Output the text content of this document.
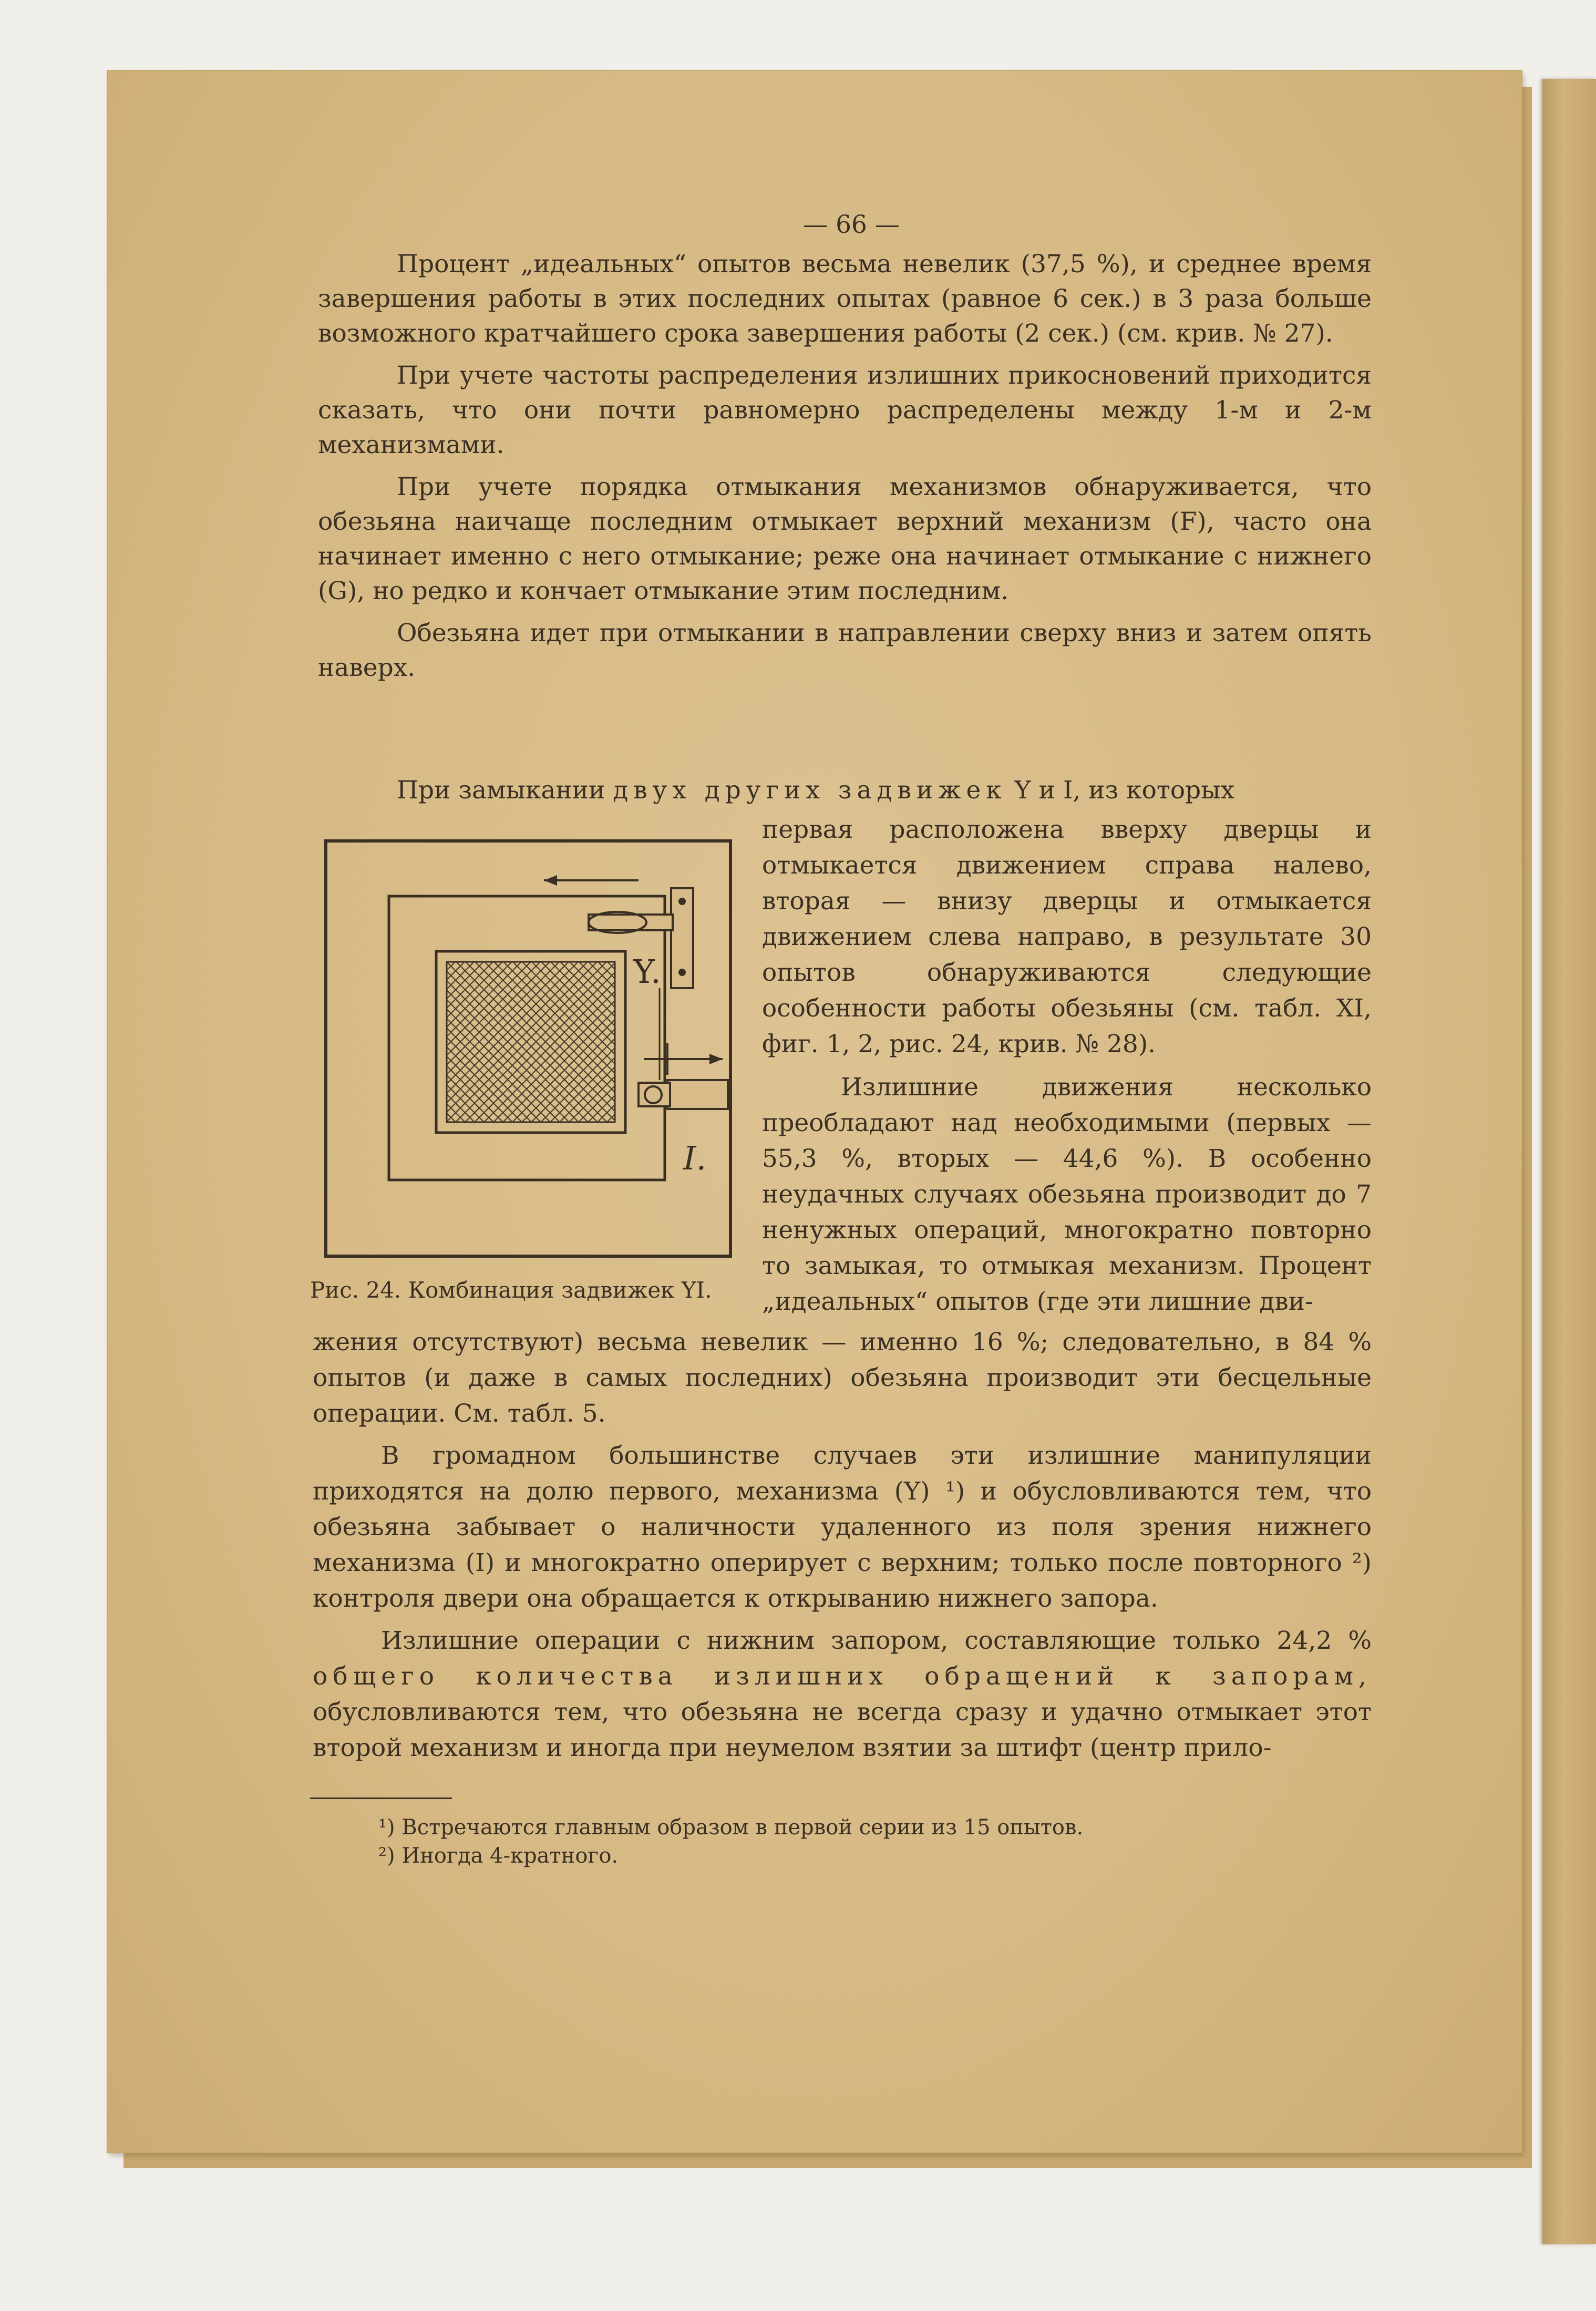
— 66 —

Процент „идеальных“ опытов весьма невелик (37,5 %), и среднее время завершения работы в этих последних опытах (равное 6 сек.) в 3 раза больше возможного кратчайшего срока завершения работы (2 сек.) (см. крив. № 27).

При учете частоты распределения излишних прикосновений приходится сказать, что они почти равномерно распределены между 1-м и 2-м механизмами.

При учете порядка отмыкания механизмов обнаруживается, что обезьяна наичаще последним отмыкает верхний механизм (F), часто она начинает именно с него отмыкание; реже она начинает отмыкание с нижнего (G), но редко и кончает отмыкание этим последним.

Обезьяна идет при отмыкании в направлении сверху вниз и затем опять наверх.

При замыкании двух других задвижек Y и I, из которых
Y.
I.
Рис. 24. Комбинация задвижек YI.

первая расположена вверху дверцы и отмыкается движением справа налево, вторая — внизу дверцы и отмыкается движением слева направо, в результате 30 опытов обнаруживаются следующие особенности работы обезьяны (см. табл. XI, фиг. 1, 2, рис. 24, крив. № 28).

Излишние движения несколько преобладают над необходимыми (первых — 55,3 %, вторых — 44,6 %). В особенно неудачных случаях обезьяна производит до 7 ненужных операций, многократно повторно то замыкая, то отмыкая механизм. Процент „идеальных“ опытов (где эти лишние дви-

жения отсутствуют) весьма невелик — именно 16 %; следовательно, в 84 % опытов (и даже в самых последних) обезьяна производит эти бесцельные операции. См. табл. 5.

В громадном большинстве случаев эти излишние манипуляции приходятся на долю первого, механизма (Y) ¹) и обусловливаются тем, что обезьяна забывает о наличности удаленного из поля зрения нижнего механизма (I) и многократно оперирует с верхним; только после повторного ²) контроля двери она обращается к открыванию нижнего запора.

Излишние операции с нижним запором, составляющие только 24,2 % общего количества излишних обращений к запорам, обусловливаются тем, что обезьяна не всегда сразу и удачно отмыкает этот второй механизм и иногда при неумелом взятии за штифт (центр прило-

¹) Встречаются главным образом в первой серии из 15 опытов.

²) Иногда 4-кратного.
